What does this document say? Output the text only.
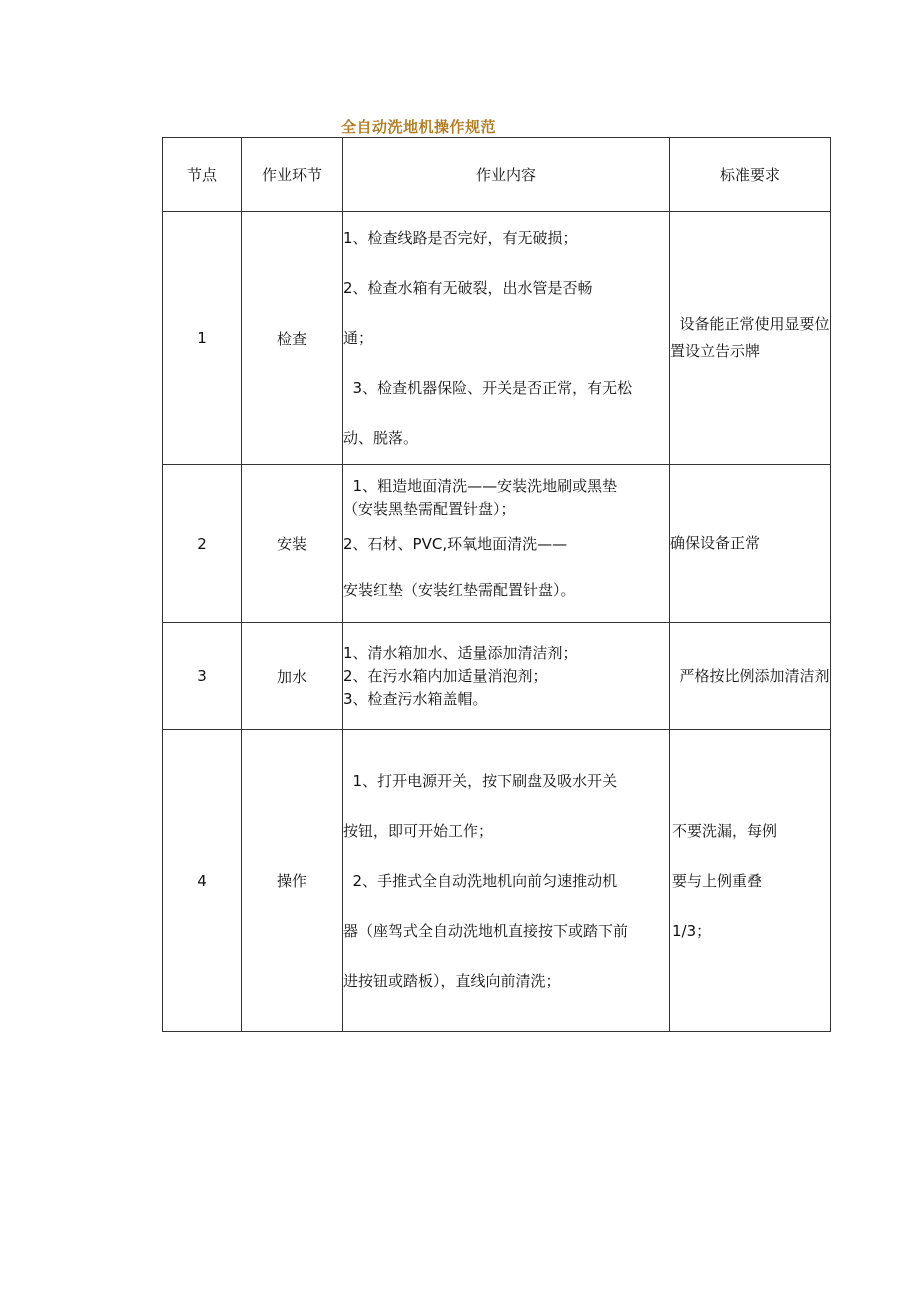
全自动洗地机操作规范
节点	作业环节	作业内容	标准要求
1	检查	1、检查线路是否完好，有无破损；
2、检查水箱有无破裂，出水管是否畅
通；
3、检查机器保险、开关是否正常，有无松
动、脱落。	设备能正常使用显要位置设立告示牌
2	安装	1、粗造地面清洗——安装洗地刷或黑垫
（安装黑垫需配置针盘）；
2、石材、PVC,环氧地面清洗——
安装红垫（安装红垫需配置针盘）。	确保设备正常
3	加水	1、清水箱加水、适量添加清洁剂；
2、在污水箱内加适量消泡剂；
3、检查污水箱盖帽。	严格按比例添加清洁剂
4	操作	1、打开电源开关，按下刷盘及吸水开关
按钮，即可开始工作；
2、手推式全自动洗地机向前匀速推动机
器（座驾式全自动洗地机直接按下或踏下前
进按钮或踏板），直线向前清洗；	不要洗漏，每例
要与上例重叠
1/3；
